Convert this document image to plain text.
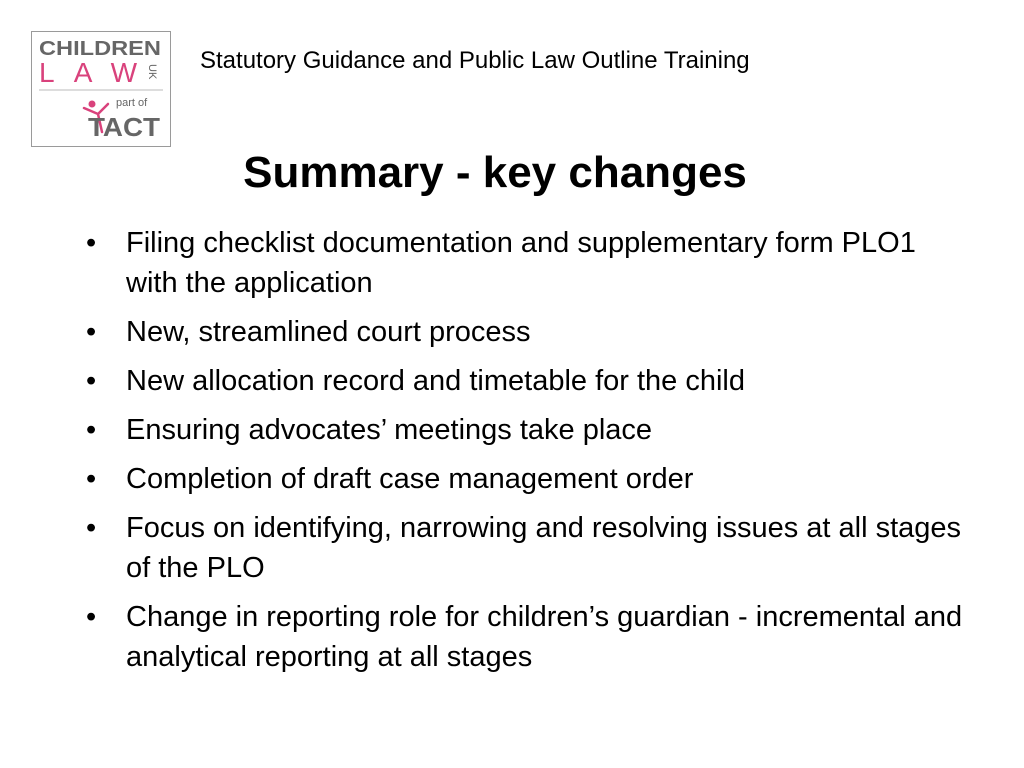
CHILDREN
LAW UK
part of
TACT
Statutory Guidance and Public Law Outline Training
Summary - key changes
•	Filing checklist documentation and supplementary form PLO1 with the application
•	New, streamlined court process
•	New allocation record and timetable for the child
•	Ensuring advocates’ meetings take place
•	Completion of draft case management order
•	Focus on identifying, narrowing and resolving issues at all stages of the PLO
•	Change in reporting role for children’s guardian - incremental and analytical reporting at all stages
